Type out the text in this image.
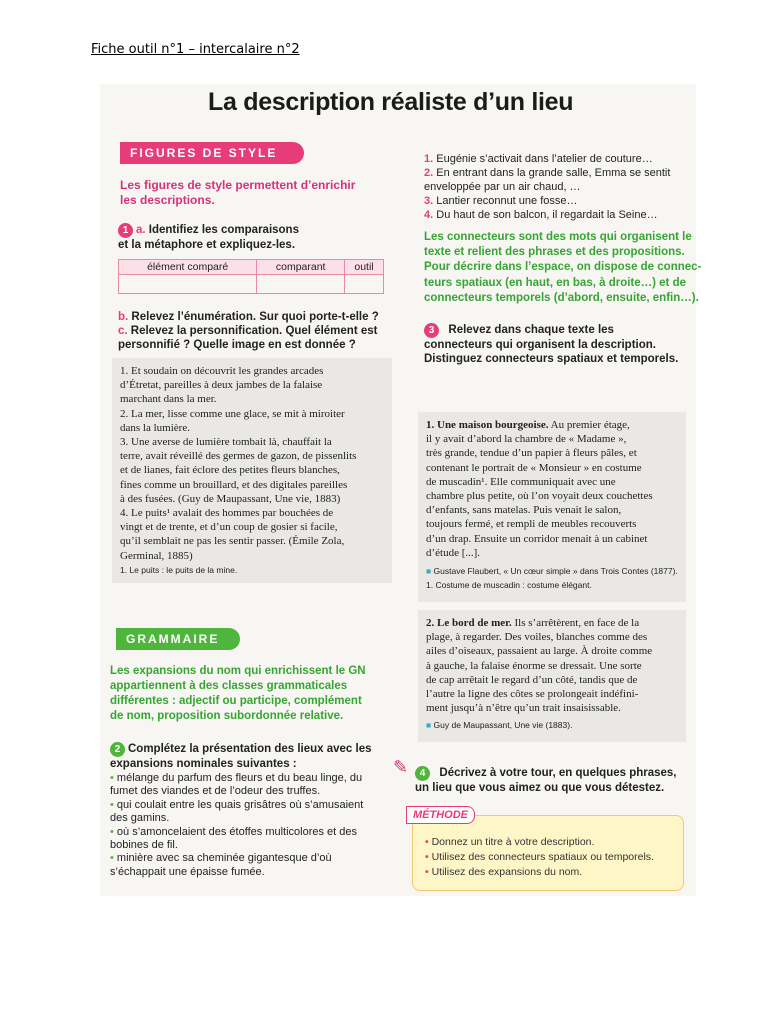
Fiche outil n°1 – intercalaire n°2
La description réaliste d’un lieu
FIGURES DE STYLE
Les figures de style permettent d’enrichir
les descriptions.
1 a. Identifiez les comparaisons
et la métaphore et expliquez-les.
élément comparé	comparant	outil

b. Relevez l’énumération. Sur quoi porte-t-elle ?
c. Relevez la personnification. Quel élément est
personnifié ? Quelle image en est donnée ?
1. Et soudain on découvrit les grandes arcades
d’Étretat, pareilles à deux jambes de la falaise
marchant dans la mer.
2. La mer, lisse comme une glace, se mit à miroiter
dans la lumière.
3. Une averse de lumière tombait là, chauffait la
terre, avait réveillé des germes de gazon, de pissenlits
et de lianes, fait éclore des petites fleurs blanches,
fines comme un brouillard, et des digitales pareilles
à des fusées. (Guy de Maupassant, Une vie, 1883)
4. Le puits¹ avalait des hommes par bouchées de
vingt et de trente, et d’un coup de gosier si facile,
qu’il semblait ne pas les sentir passer. (Émile Zola,
Germinal, 1885)
1. Le puits : le puits de la mine.
GRAMMAIRE
Les expansions du nom qui enrichissent le GN
appartiennent à des classes grammaticales
différentes : adjectif ou participe, complément
de nom, proposition subordonnée relative.
2 Complétez la présentation des lieux avec les
expansions nominales suivantes :
• mélange du parfum des fleurs et du beau linge, du
fumet des viandes et de l’odeur des truffes.
• qui coulait entre les quais grisâtres où s’amusaient
des gamins.
• où s’amoncelaient des étoffes multicolores et des
bobines de fil.
• minière avec sa cheminée gigantesque d’où
s’échappait une épaisse fumée.
1. Eugénie s’activait dans l’atelier de couture…
2. En entrant dans la grande salle, Emma se sentit
enveloppée par un air chaud, …
3. Lantier reconnut une fosse…
4. Du haut de son balcon, il regardait la Seine…
Les connecteurs sont des mots qui organisent le
texte et relient des phrases et des propositions.
Pour décrire dans l’espace, on dispose de connec-
teurs spatiaux (en haut, en bas, à droite…) et de
connecteurs temporels (d’abord, ensuite, enfin…).
3 Relevez dans chaque texte les
connecteurs qui organisent la description.
Distinguez connecteurs spatiaux et temporels.
1. Une maison bourgeoise. Au premier étage,
il y avait d’abord la chambre de « Madame »,
très grande, tendue d’un papier à fleurs pâles, et
contenant le portrait de « Monsieur » en costume
de muscadin¹. Elle communiquait avec une
chambre plus petite, où l’on voyait deux couchettes
d’enfants, sans matelas. Puis venait le salon,
toujours fermé, et rempli de meubles recouverts
d’un drap. Ensuite un corridor menait à un cabinet
d’étude [...].
■ Gustave Flaubert, « Un cœur simple » dans Trois Contes (1877).
1. Costume de muscadin : costume élégant.
2. Le bord de mer. Ils s’arrêtèrent, en face de la
plage, à regarder. Des voiles, blanches comme des
ailes d’oiseaux, passaient au large. À droite comme
à gauche, la falaise énorme se dressait. Une sorte
de cap arrêtait le regard d’un côté, tandis que de
l’autre la ligne des côtes se prolongeait indéfini-
ment jusqu’à n’être qu’un trait insaisissable.
■ Guy de Maupassant, Une vie (1883).
✎	4 Décrivez à votre tour, en quelques phrases,
un lieu que vous aimez ou que vous détestez.
• Donnez un titre à votre description.
• Utilisez des connecteurs spatiaux ou temporels.
• Utilisez des expansions du nom.
MÉTHODE
